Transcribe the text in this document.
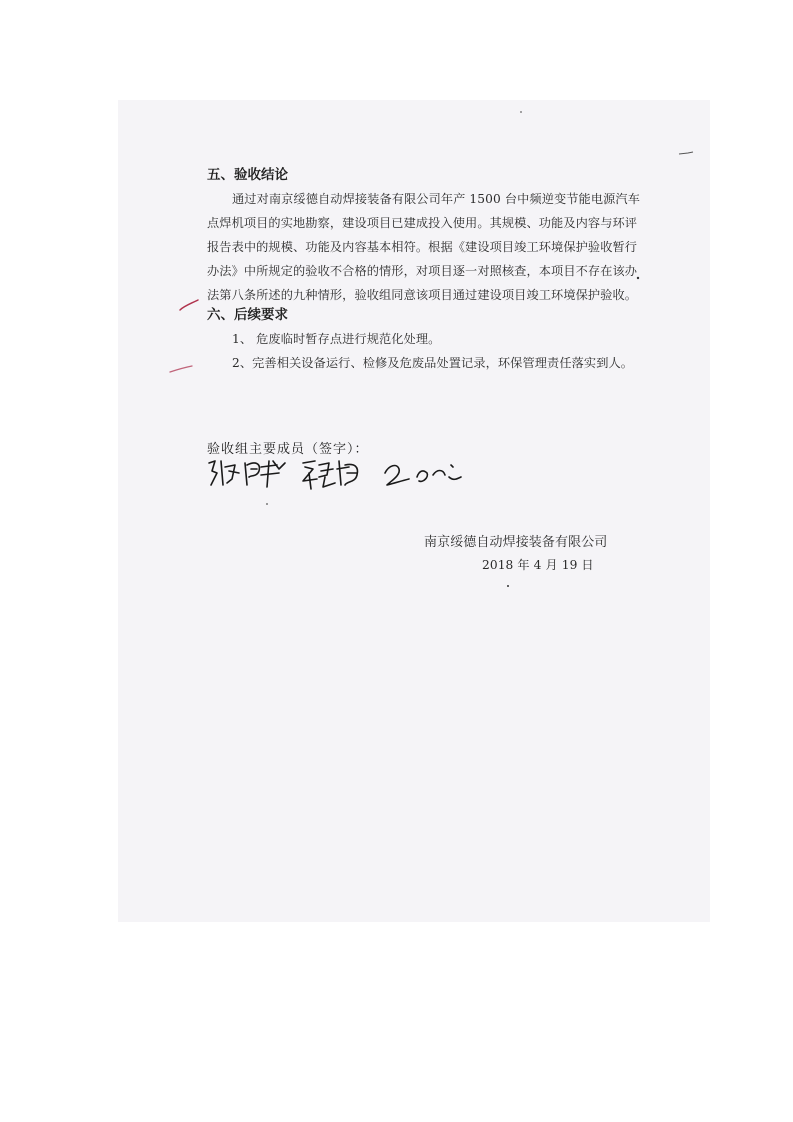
五、验收结论
通过对南京绥德自动焊接装备有限公司年产 1500 台中频逆变节能电源汽车
点焊机项目的实地勘察，建设项目已建成投入使用。其规模、功能及内容与环评
报告表中的规模、功能及内容基本相符。根据《建设项目竣工环境保护验收暂行
办法》中所规定的验收不合格的情形，对项目逐一对照核查，本项目不存在该办
法第八条所述的九种情形，验收组同意该项目通过建设项目竣工环境保护验收。
六、后续要求
1、 危废临时暂存点进行规范化处理。
2、完善相关设备运行、检修及危废品处置记录，环保管理责任落实到人。
验收组主要成员（签字）：
南京绥德自动焊接装备有限公司
2018 年 4 月 19 日
